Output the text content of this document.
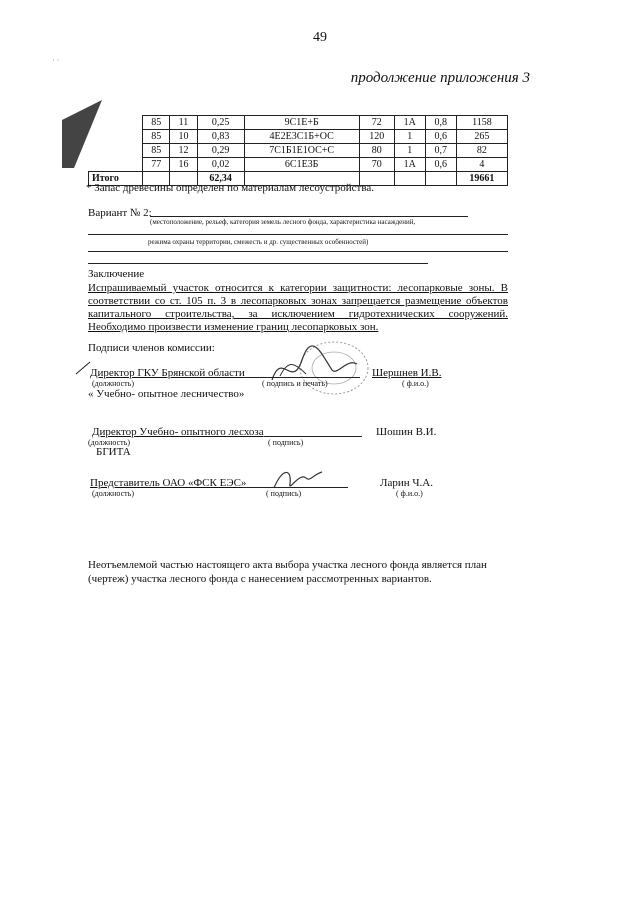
49
· ·
продолжение приложения 3
	85	11	0,25	9С1Е+Б	72	1А	0,8	1158
	85	10	0,83	4Е2Е3С1Б+ОС	120	1	0,6	265
	85	12	0,29	7С1Б1Е1ОС+С	80	1	0,7	82
	77	16	0,02	6С1Е3Б	70	1А	0,6	4
Итого			62,34					19661
* Запас древесины определен по материалам лесоустройства.
Вариант № 2:
(местоположение, рельеф, категория земель лесного фонда, характеристика насаждений,
режима охраны территории, смежесть и др. существенных особенностей)
Заключение
Испрашиваемый участок относится к категории защитности: лесопарковые зоны. В соответствии со ст. 105 п. 3 в лесопарковых зонах запрещается размещение объектов капитального строительства, за исключением гидротехнических сооружений. Необходимо произвести изменение границ лесопарковых зон.
Подписи членов комиссии:
Директор ГКУ Брянской области
(должность)
« Учебно- опытное лесничество»
( подпись и печать)
Шершнев И.В.
( ф.и.о.)
Директор Учебно- опытного лесхоза
(должность)
БГИТА
( подпись)
Шошин В.И.
Представитель ОАО «ФСК ЕЭС»
(должность)	( подпись)
Ларин Ч.А.
( ф.и.о.)
Неотъемлемой частью настоящего акта выбора участка лесного фонда является план (чертеж) участка лесного фонда с нанесением рассмотренных вариантов.
